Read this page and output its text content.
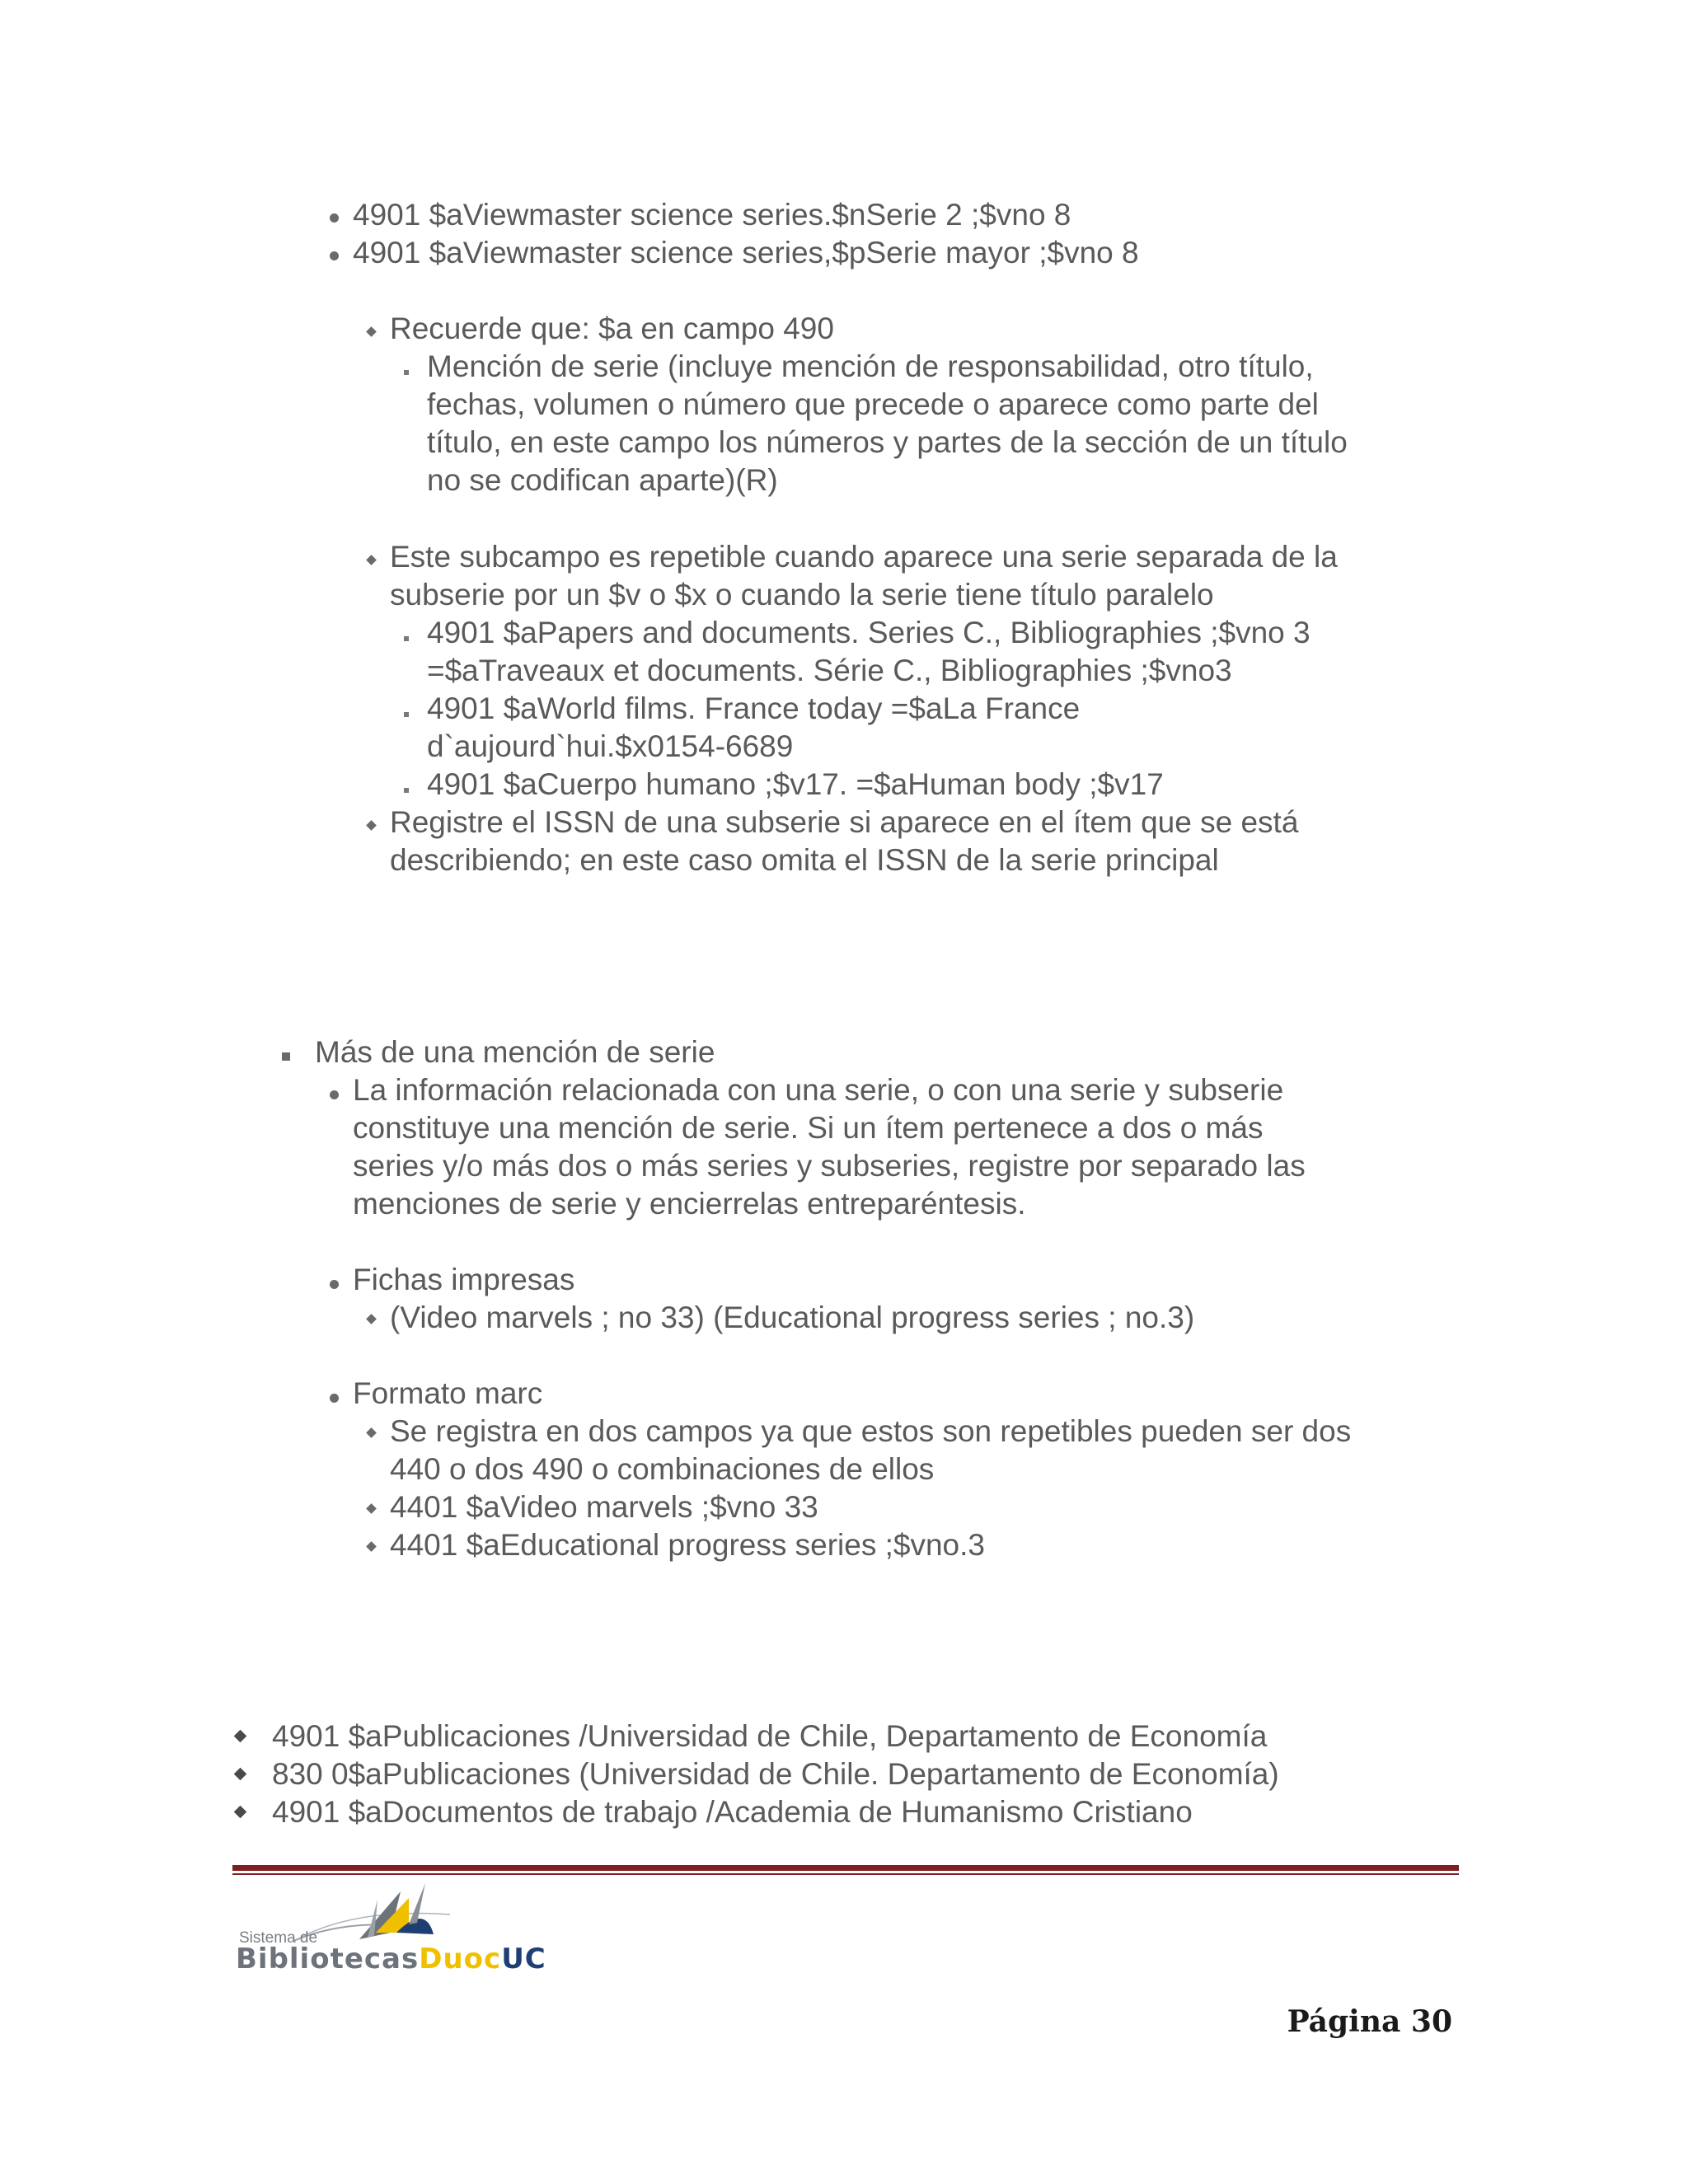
4901 $aViewmaster science series.$nSerie 2 ;$vno 8
4901 $aViewmaster science series,$pSerie mayor ;$vno 8
Recuerde que: $a en campo 490
Mención de serie (incluye mención de responsabilidad, otro título,
fechas, volumen o número que precede o aparece como parte del
título, en este campo los números y partes de la sección de un título
no se codifican aparte)(R)
Este subcampo es repetible cuando aparece una serie separada de la
subserie por un $v o $x o cuando la serie tiene título paralelo
4901 $aPapers and documents. Series C., Bibliographies ;$vno 3
=$aTraveaux et documents. Série C., Bibliographies ;$vno3
4901 $aWorld films. France today =$aLa France
d`aujourd`hui.$x0154-6689
4901 $aCuerpo humano ;$v17. =$aHuman body ;$v17
Registre el ISSN de una subserie si aparece en el ítem que se está
describiendo; en este caso omita el ISSN de la serie principal
Más de una mención de serie
La información relacionada con una serie, o con una serie y subserie
constituye una mención de serie. Si un ítem pertenece a dos o más
series y/o más dos o más series y subseries, registre por separado las
menciones de serie y encierrelas entreparéntesis.
Fichas impresas
(Video marvels ; no 33) (Educational progress series ; no.3)
Formato marc
Se registra en dos campos ya que estos son repetibles pueden ser dos
440 o dos 490 o combinaciones de ellos
4401 $aVideo marvels ;$vno 33
4401 $aEducational progress series ;$vno.3
4901 $aPublicaciones /Universidad de Chile, Departamento de Economía
830 0$aPublicaciones (Universidad de Chile. Departamento de Economía)
4901 $aDocumentos de trabajo /Academia de Humanismo Cristiano
Sistema de
BibliotecasDuocUC
Página 30
